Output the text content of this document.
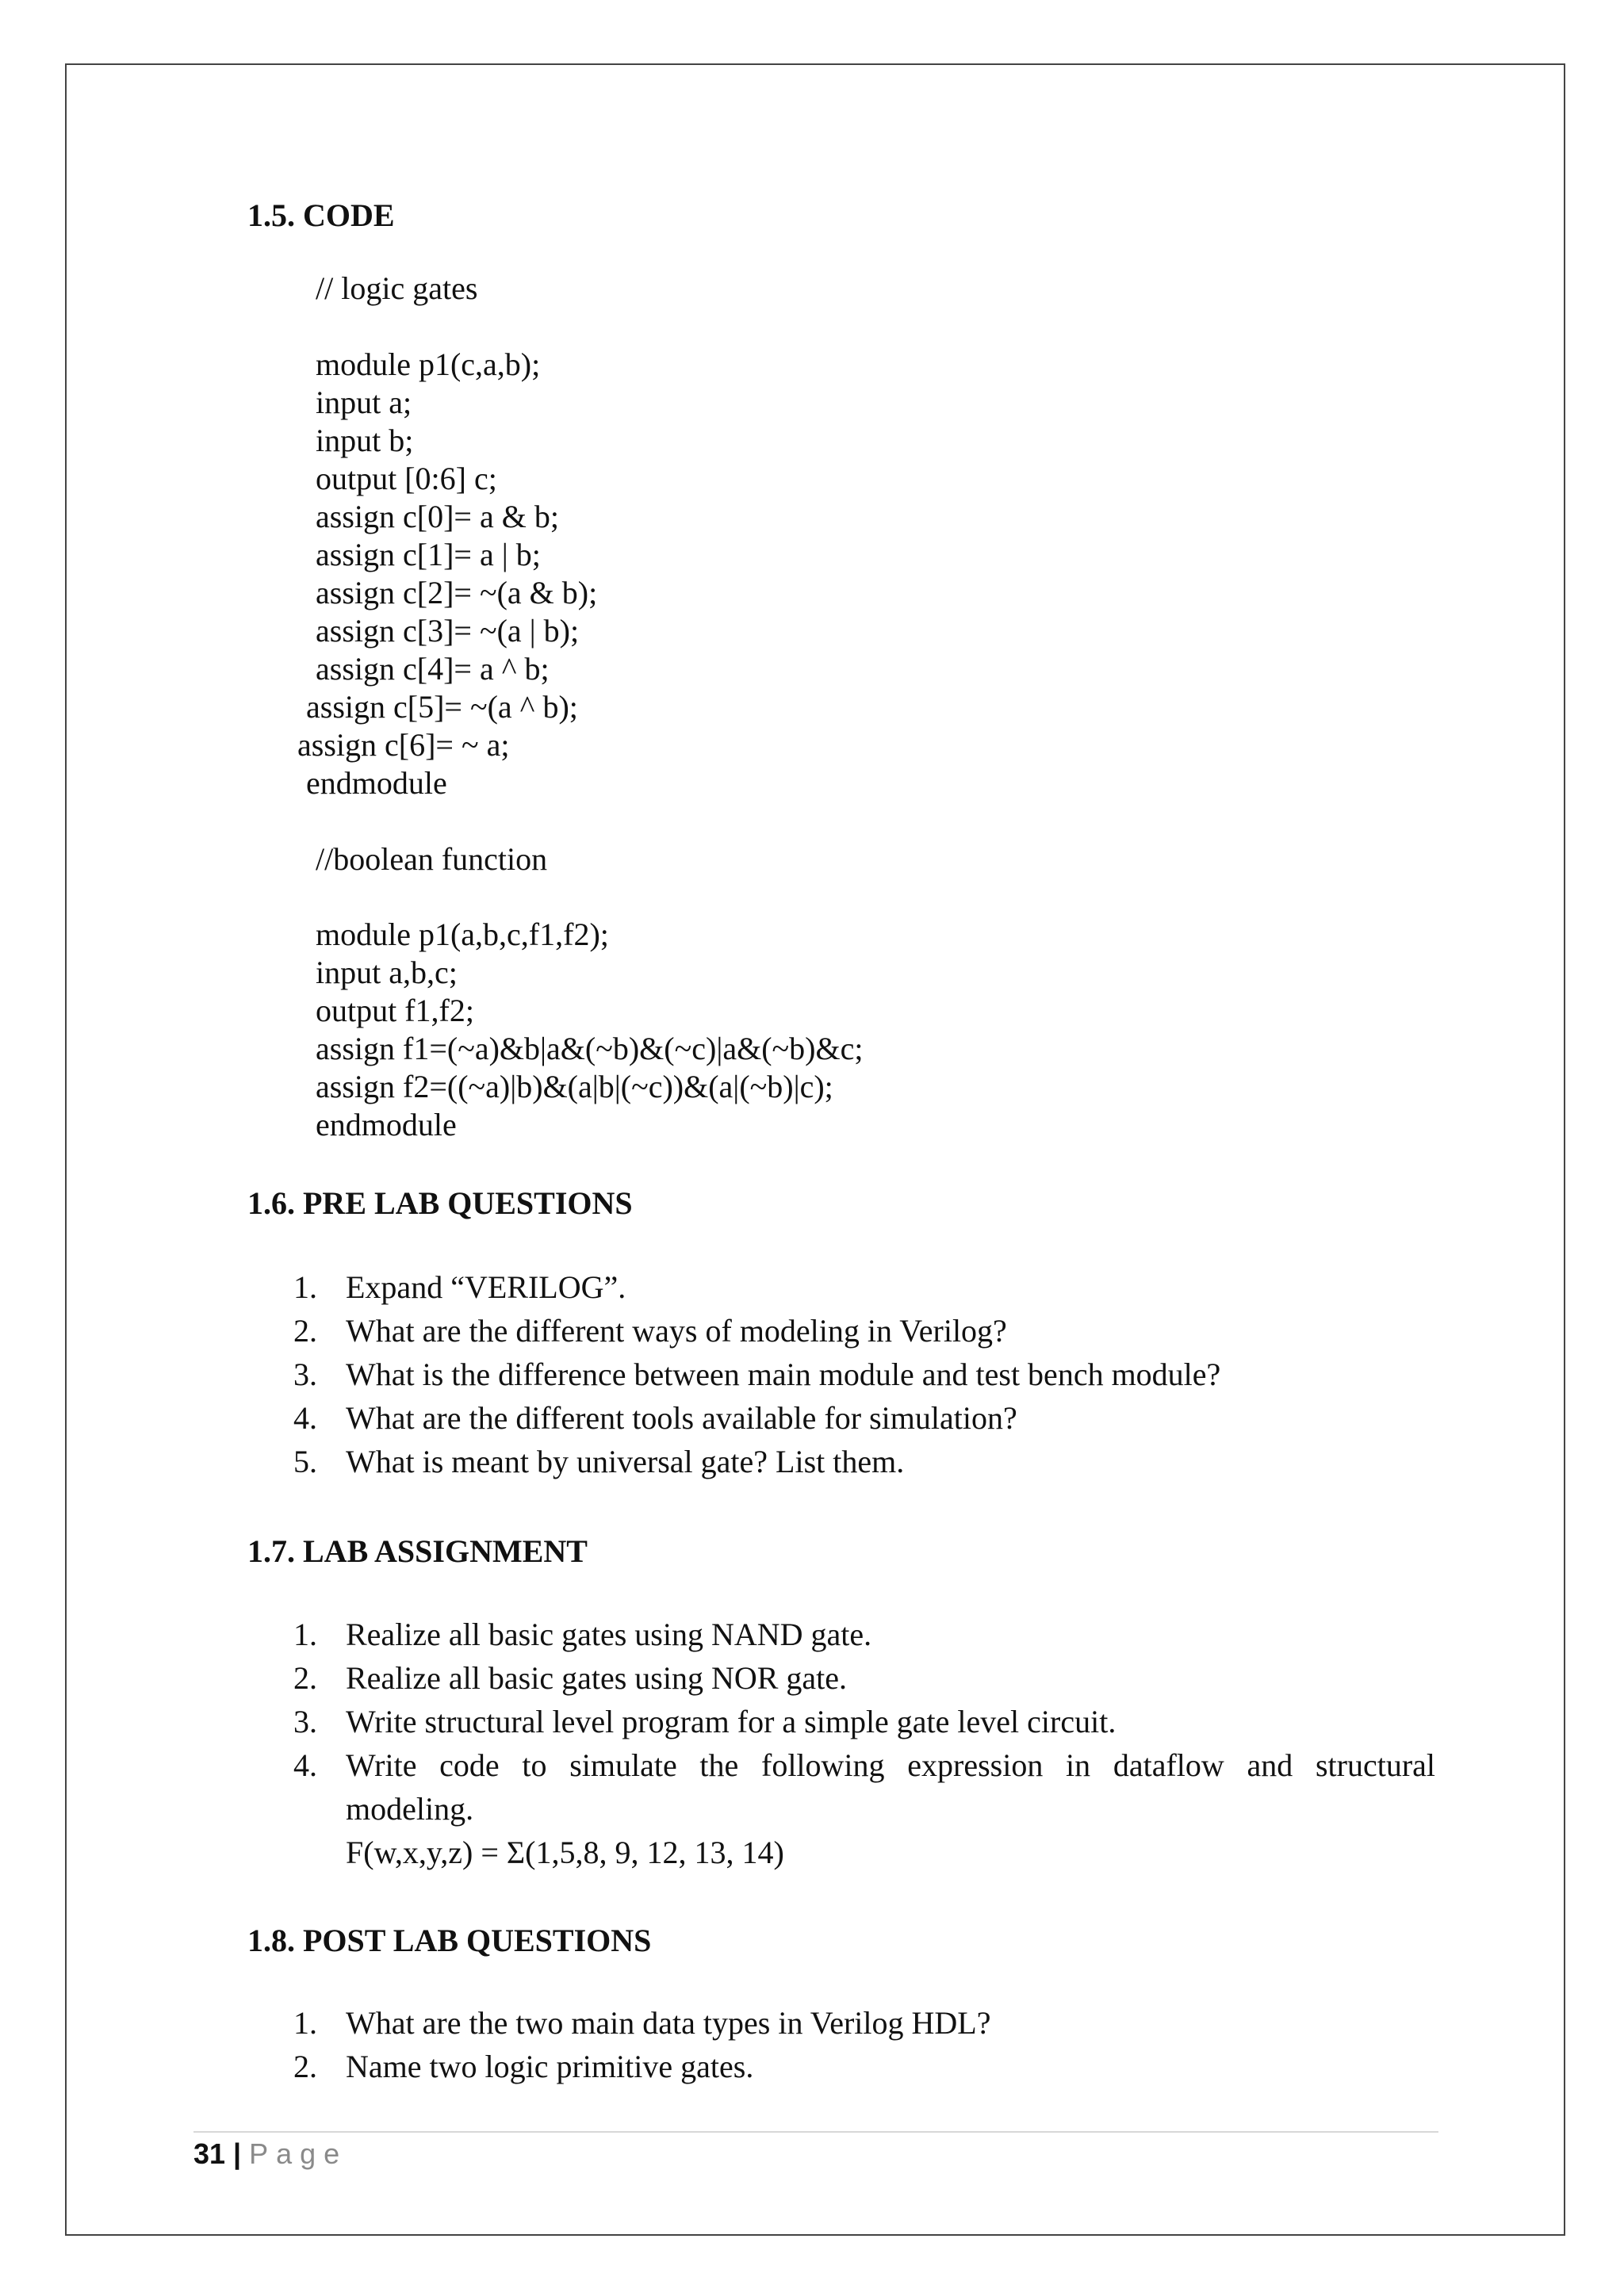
1.5. CODE
// logic gates
module p1(c,a,b);
input a;
input b;
output [0:6] c;
assign c[0]= a & b;
assign c[1]= a | b;
assign c[2]= ~(a & b);
assign c[3]= ~(a | b);
assign c[4]= a ^ b;
assign c[5]= ~(a ^ b);
assign c[6]= ~ a;
endmodule
//boolean function
module p1(a,b,c,f1,f2);
input a,b,c;
output f1,f2;
assign f1=(~a)&b|a&(~b)&(~c)|a&(~b)&c;
assign f2=((~a)|b)&(a|b|(~c))&(a|(~b)|c);
endmodule
1.6. PRE LAB QUESTIONS
1. Expand “VERILOG”.
2. What are the different ways of modeling in Verilog?
3. What is the difference between main module and test bench module?
4. What are the different tools available for simulation?
5. What is meant by universal gate? List them.
1.7. LAB ASSIGNMENT
1. Realize all basic gates using NAND gate.
2. Realize all basic gates using NOR gate.
3. Write structural level program for a simple gate level circuit.
4. Write code to simulate the following expression in dataflow and structural
modeling.
F(w,x,y,z) = Σ(1,5,8, 9, 12, 13, 14)
1.8. POST LAB QUESTIONS
1. What are the two main data types in Verilog HDL?
2. Name two logic primitive gates.
31 | Page
